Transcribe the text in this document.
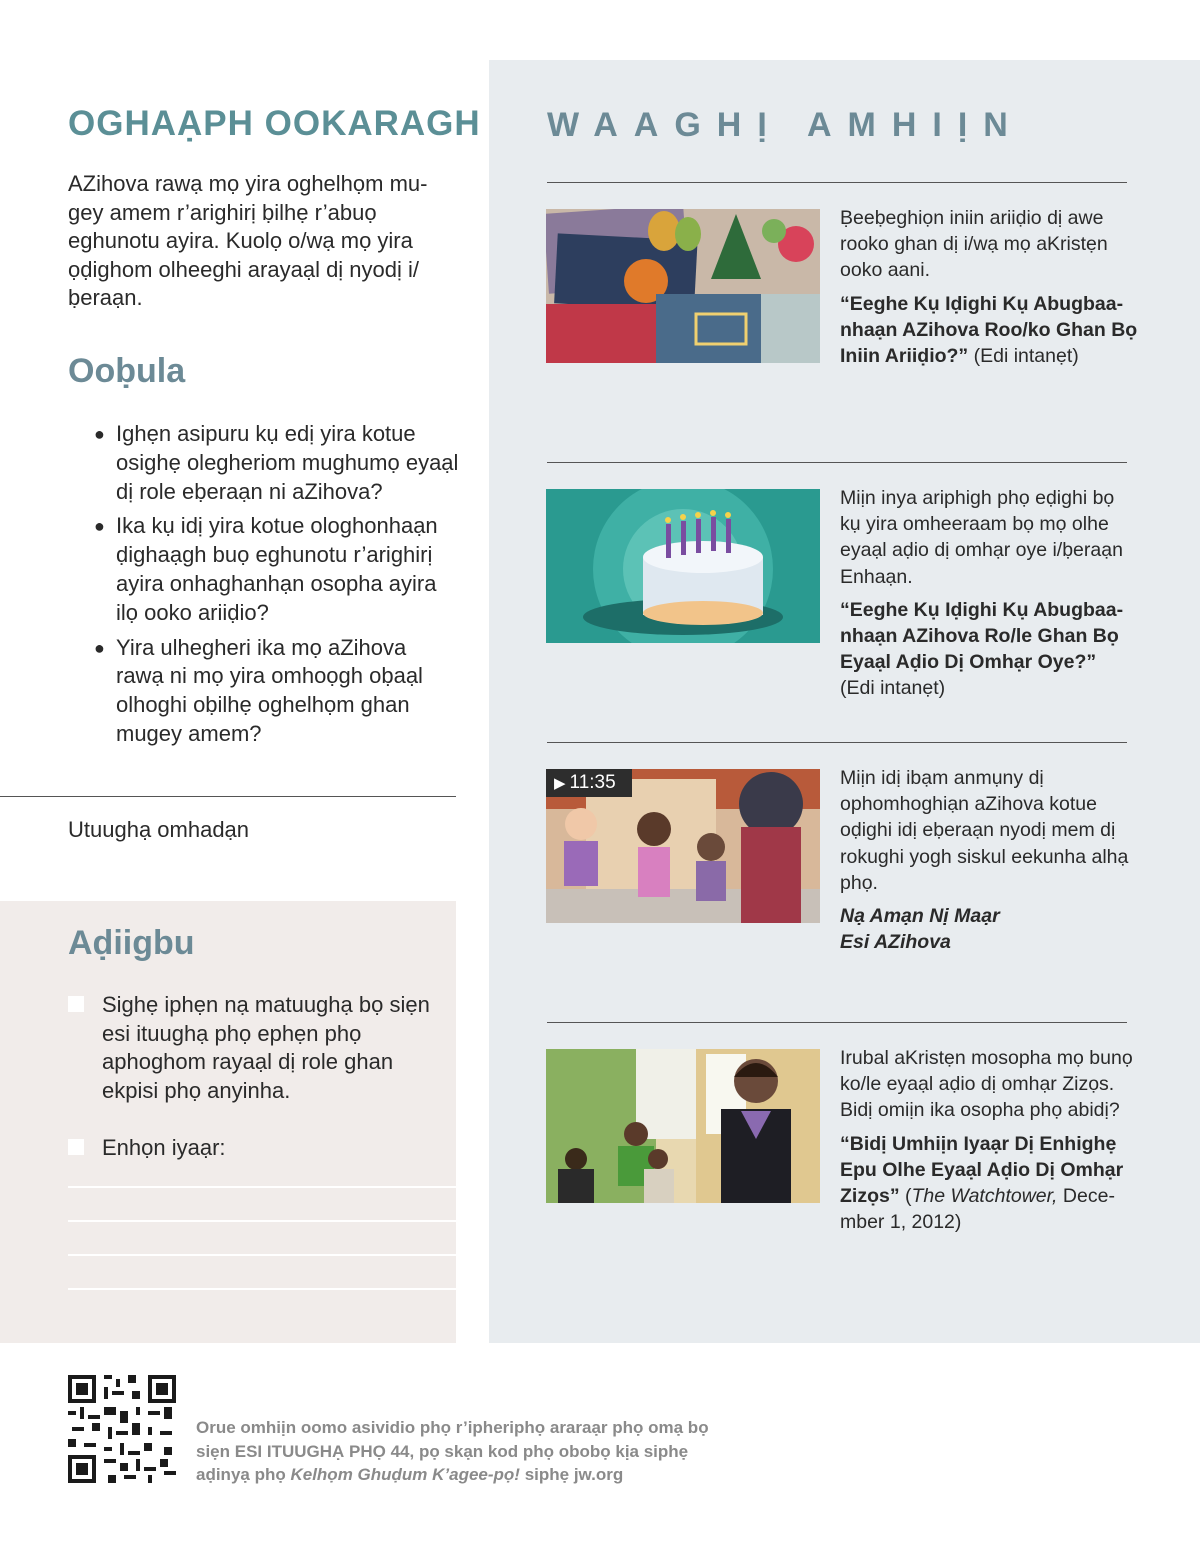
OGHAẠPH OOKARAGH

AZihova rawạ mọ yira oghelhọm mugey amem r’arighirị ḅilhẹ r’abuọ eghunotu ayira. Kuolọ o/wạ mọ yira ọḍighom olheeghi arayaạl dị nyodị i/ḅeraạn.

Ooḅula
● Ighẹn asipuru kụ edị yira kotue osighẹ olegheriom mughumọ eyaạl dị role eḅeraạn ni aZihova?
● Ika kụ idị yira kotue ologhonhaạn ḍighaạgh buọ eghunotu r’arighirị ayira onhaghanhạn osopha ayira ilọ ooko ariiḍio?
● Yira ulhegheri ika mọ aZihova rawạ ni mọ yira omhoọgh oḅaạl olhoghi oḅilhẹ oghelhọm ghan mugey amem?
Utuughạ omhadạn
Aḍiigbu
Sighẹ iphẹn nạ matuughạ bọ siẹn esi ituughạ phọ ephẹn phọ aphoghom rayaạl dị role ghan ekpisi phọ anyinha.
Enhọn iyaạr:
WAAGHỊ AMHIỊN
Ḅeeḅeghiọn iniin ariiḍio dị awe rooko ghan dị i/wạ mọ aKristẹn ooko aani.
“Eeghe Kụ Iḍighi Kụ Abugbaanhaạn AZihova Roo/ko Ghan Bọ Iniin Ariiḍio?” (Edi intanẹt)
Miịn inya ariphigh phọ eḍighi bọ kụ yira omheeraam bọ mọ olhe eyaạl aḍio dị omhạr oye i/ḅeraạn Enhaạn.
“Eeghe Kụ Iḍighi Kụ Abugbaanhaạn AZihova Ro/le Ghan Bọ Eyaạl Aḍio Dị Omhạr Oye?”
(Edi intanẹt)
▶ 11:35	Miịn idị ibạm anmụny dị ophomhoghiạn aZihova kotue oḍighi idị eḅeraạn nyodị mem dị rokughi yogh siskul eekunha alhạ phọ.
Nạ Amạn Nị Maạr
Esi AZihova
Irubal aKristẹn mosopha mọ bunọ ko/le eyaạl aḍio dị omhạr Zizọs. Bidị omiịn ika osopha phọ abidị?
“Bidị Umhiịn Iyaạr Dị Enhighẹ Epu Olhe Eyaạl Aḍio Dị Omhạr Zizọs” (The Watchtower, December 1, 2012)
Orue omhiịn oomo asividio phọ r’ipheriphọ araraạr phọ omạ bọ siẹn ESI ITUUGHẠ PHỌ 44, pọ skạn kod phọ obobọ kịa siphẹ aḍinyạ phọ Kelhọm Ghuḍum K’agee-pọ! siphẹ jw.org
